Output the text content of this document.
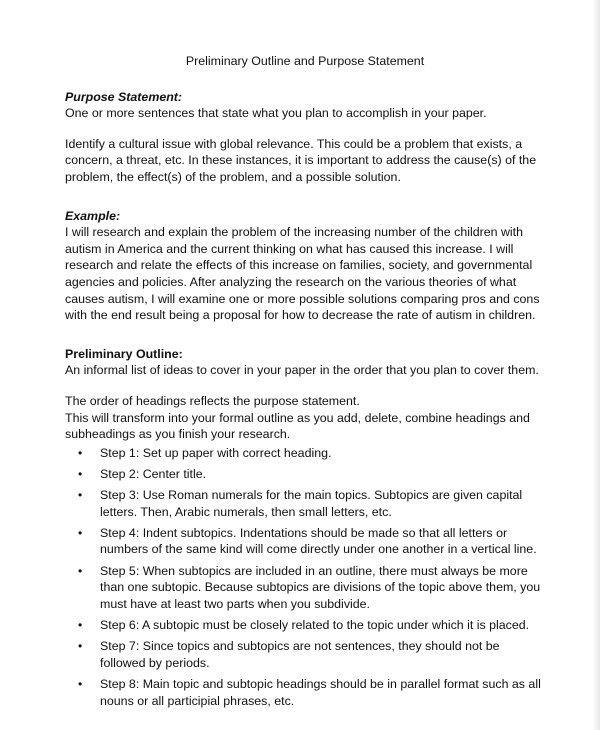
Preliminary Outline and Purpose Statement

Purpose Statement:

One or more sentences that state what you plan to accomplish in your paper.

Identify a cultural issue with global relevance. This could be a problem that exists, a concern, a threat, etc. In these instances, it is important to address the cause(s) of the problem, the effect(s) of the problem, and a possible solution.

Example:

I will research and explain the problem of the increasing number of the children with autism in America and the current thinking on what has caused this increase. I will research and relate the effects of this increase on families, society, and governmental agencies and policies. After analyzing the research on the various theories of what causes autism, I will examine one or more possible solutions comparing pros and cons with the end result being a proposal for how to decrease the rate of autism in children.

Preliminary Outline:

An informal list of ideas to cover in your paper in the order that you plan to cover them.

The order of headings reflects the purpose statement.

This will transform into your formal outline as you add, delete, combine headings and subheadings as you finish your research.

• Step 1: Set up paper with correct heading.
• Step 2: Center title.
• Step 3: Use Roman numerals for the main topics. Subtopics are given capital letters. Then, Arabic numerals, then small letters, etc.
• Step 4: Indent subtopics. Indentations should be made so that all letters or numbers of the same kind will come directly under one another in a vertical line.
• Step 5: When subtopics are included in an outline, there must always be more than one subtopic. Because subtopics are divisions of the topic above them, you must have at least two parts when you subdivide.
• Step 6: A subtopic must be closely related to the topic under which it is placed.
• Step 7: Since topics and subtopics are not sentences, they should not be followed by periods.
• Step 8: Main topic and subtopic headings should be in parallel format such as all nouns or all participial phrases, etc.
